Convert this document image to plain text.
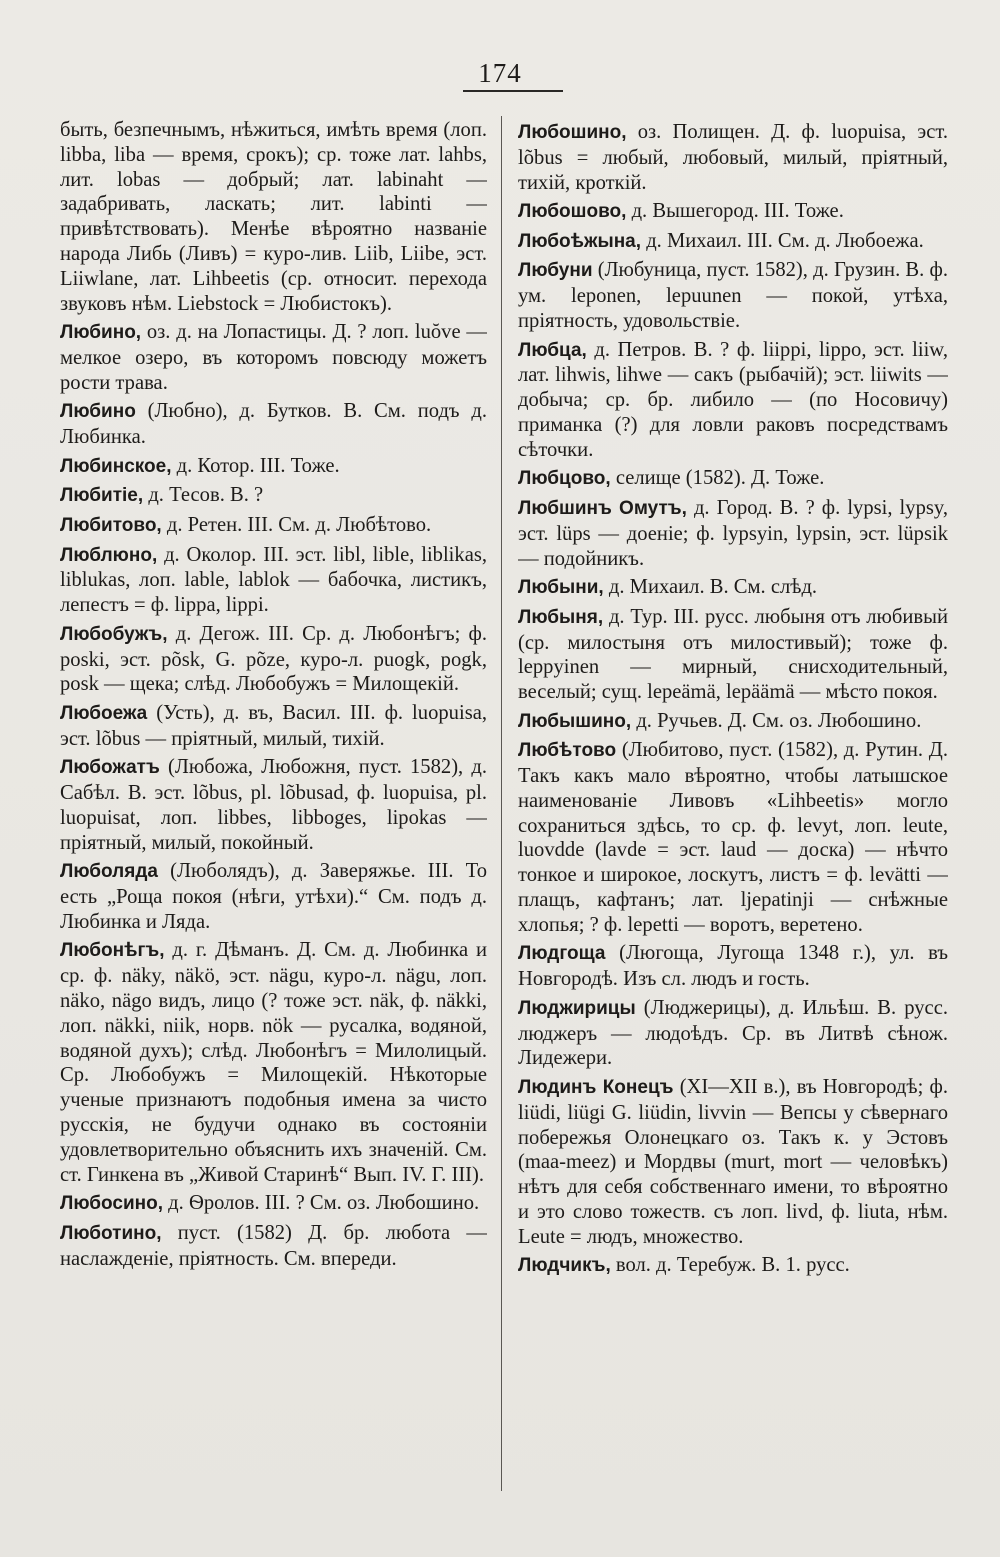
174

быть, безпечнымъ, нѣжиться, имѣть время (лоп. libba, liba — время, срокъ); ср. тоже лат. lahbs, лит. lobas — добрый; лат. labinaht — задабривать, ласкать; лит. labinti — привѣтствовать). Менѣе вѣроятно названіе народа Либь (Ливъ) = куро-лив. Liib, Liibe, эст. Liiwlane, лат. Lihbeetis (ср. относит. перехода звуковъ нѣм. Liebstock = Любистокъ).

Любино, оз. д. на Лопастицы. Д. ? лоп. luŏve — мелкое озеро, въ которомъ повсюду можетъ рости трава.

Любино (Любно), д. Бутков. В. См. подъ д. Любинка.

Любинское, д. Котор. III. Тоже.

Любитіе, д. Тесов. В. ?

Любитово, д. Ретен. III. См. д. Любѣтово.

Люблюно, д. Околор. III. эст. libl, lible, liblikas, liblukas, лоп. lable, lablok — бабочка, листикъ, лепестъ = ф. lippa, lippi.

Любобужъ, д. Дегож. III. Ср. д. Любонѣгъ; ф. poski, эст. põsk, G. põze, куро-л. puogk, pogk, posk — щека; слѣд. Любобужъ = Милощекій.

Любоежа (Усть), д. въ, Васил. III. ф. luopuisa, эст. lõbus — пріятный, милый, тихій.

Любожатъ (Любожа, Любожня, пуст. 1582), д. Сабѣл. В. эст. lõbus, pl. lõbusad, ф. luopuisa, pl. luopuisat, лоп. libbes, libboges, lipokas — пріятный, милый, покойный.

Люболяда (Люболядъ), д. Заверяжье. III. То есть „Роща покоя (нѣги, утѣхи).“ См. подъ д. Любинка и Ляда.

Любонѣгъ, д. г. Дѣманъ. Д. См. д. Любинка и ср. ф. näky, näkö, эст. nägu, куро-л. nägu, лоп. näko, nägo видъ, лицо (? тоже эст. näk, ф. näkki, лоп. näkki, niik, норв. nök — русалка, водяной, водяной духъ); слѣд. Любонѣгъ = Милолицый. Ср. Любобужъ = Милощекій. Нѣкоторые ученые признаютъ подобныя имена за чисто русскія, не будучи однако въ состояніи удовлетворительно объяснить ихъ значеній. См. ст. Гинкена въ „Живой Старинѣ“ Вып. IV. Г. III).

Любосино, д. Ѳролов. III. ? См. оз. Любошино.

Люботино, пуст. (1582) Д. бр. любота — наслажденіе, пріятность. См. впереди.

Любошино, оз. Полищен. Д. ф. luopuisa, эст. lõbus = любый, любовый, милый, пріятный, тихій, кроткій.

Любошово, д. Вышегород. III. Тоже.

Любоѣжына, д. Михаил. III. См. д. Любоежа.

Любуни (Любуница, пуст. 1582), д. Грузин. В. ф. ум. leponen, lepuunen — покой, утѣха, пріятность, удовольствіе.

Любца, д. Петров. В. ? ф. liippi, lippo, эст. liiw, лат. lihwis, lihwe — сакъ (рыбачій); эст. liiwits — добыча; ср. бр. либило — (по Носовичу) приманка (?) для ловли раковъ посредствамъ сѣточки.

Любцово, селище (1582). Д. Тоже.

Любшинъ Омутъ, д. Город. В. ? ф. lypsi, lypsy, эст. lüps — доеніе; ф. lypsyin, lypsin, эст. lüpsik — подойникъ.

Любыни, д. Михаил. В. См. слѣд.

Любыня, д. Тур. III. русс. любыня отъ любивый (ср. милостыня отъ милостивый); тоже ф. leppyinen — мирный, снисходительный, веселый; сущ. lepeämä, lepäämä — мѣсто покоя.

Любышино, д. Ручьев. Д. См. оз. Любошино.

Любѣтово (Любитово, пуст. (1582), д. Рутин. Д. Такъ какъ мало вѣроятно, чтобы латышское наименованіе Ливовъ «Lihbeetis» могло сохраниться здѣсь, то ср. ф. levyt, лоп. leute, luovdde (lavde = эст. laud — доска) — нѣчто тонкое и широкое, лоскутъ, листъ = ф. levätti — плащъ, кафтанъ; лат. ljepatinji — снѣжные хлопья; ? ф. lepetti — воротъ, веретено.

Людгоща (Люгоща, Лугоща 1348 г.), ул. въ Новгородѣ. Изъ сл. людъ и гость.

Люджирицы (Люджерицы), д. Ильѣш. В. русс. люджеръ — людоѣдъ. Ср. въ Литвѣ сѣнож. Лидежери.

Людинъ Конецъ (XI—XII в.), въ Новгородѣ; ф. liüdi, liügi G. liüdin, livvin — Вепсы у сѣвернаго побережья Олонецкаго оз. Такъ к. у Эстовъ (maa-meez) и Мордвы (murt, mort — человѣкъ) нѣтъ для себя собственнаго имени, то вѣроятно и это слово тожеств. съ лоп. livd, ф. liuta, нѣм. Leute = людъ, множество.

Людчикъ, вол. д. Теребуж. В. 1. русс.
